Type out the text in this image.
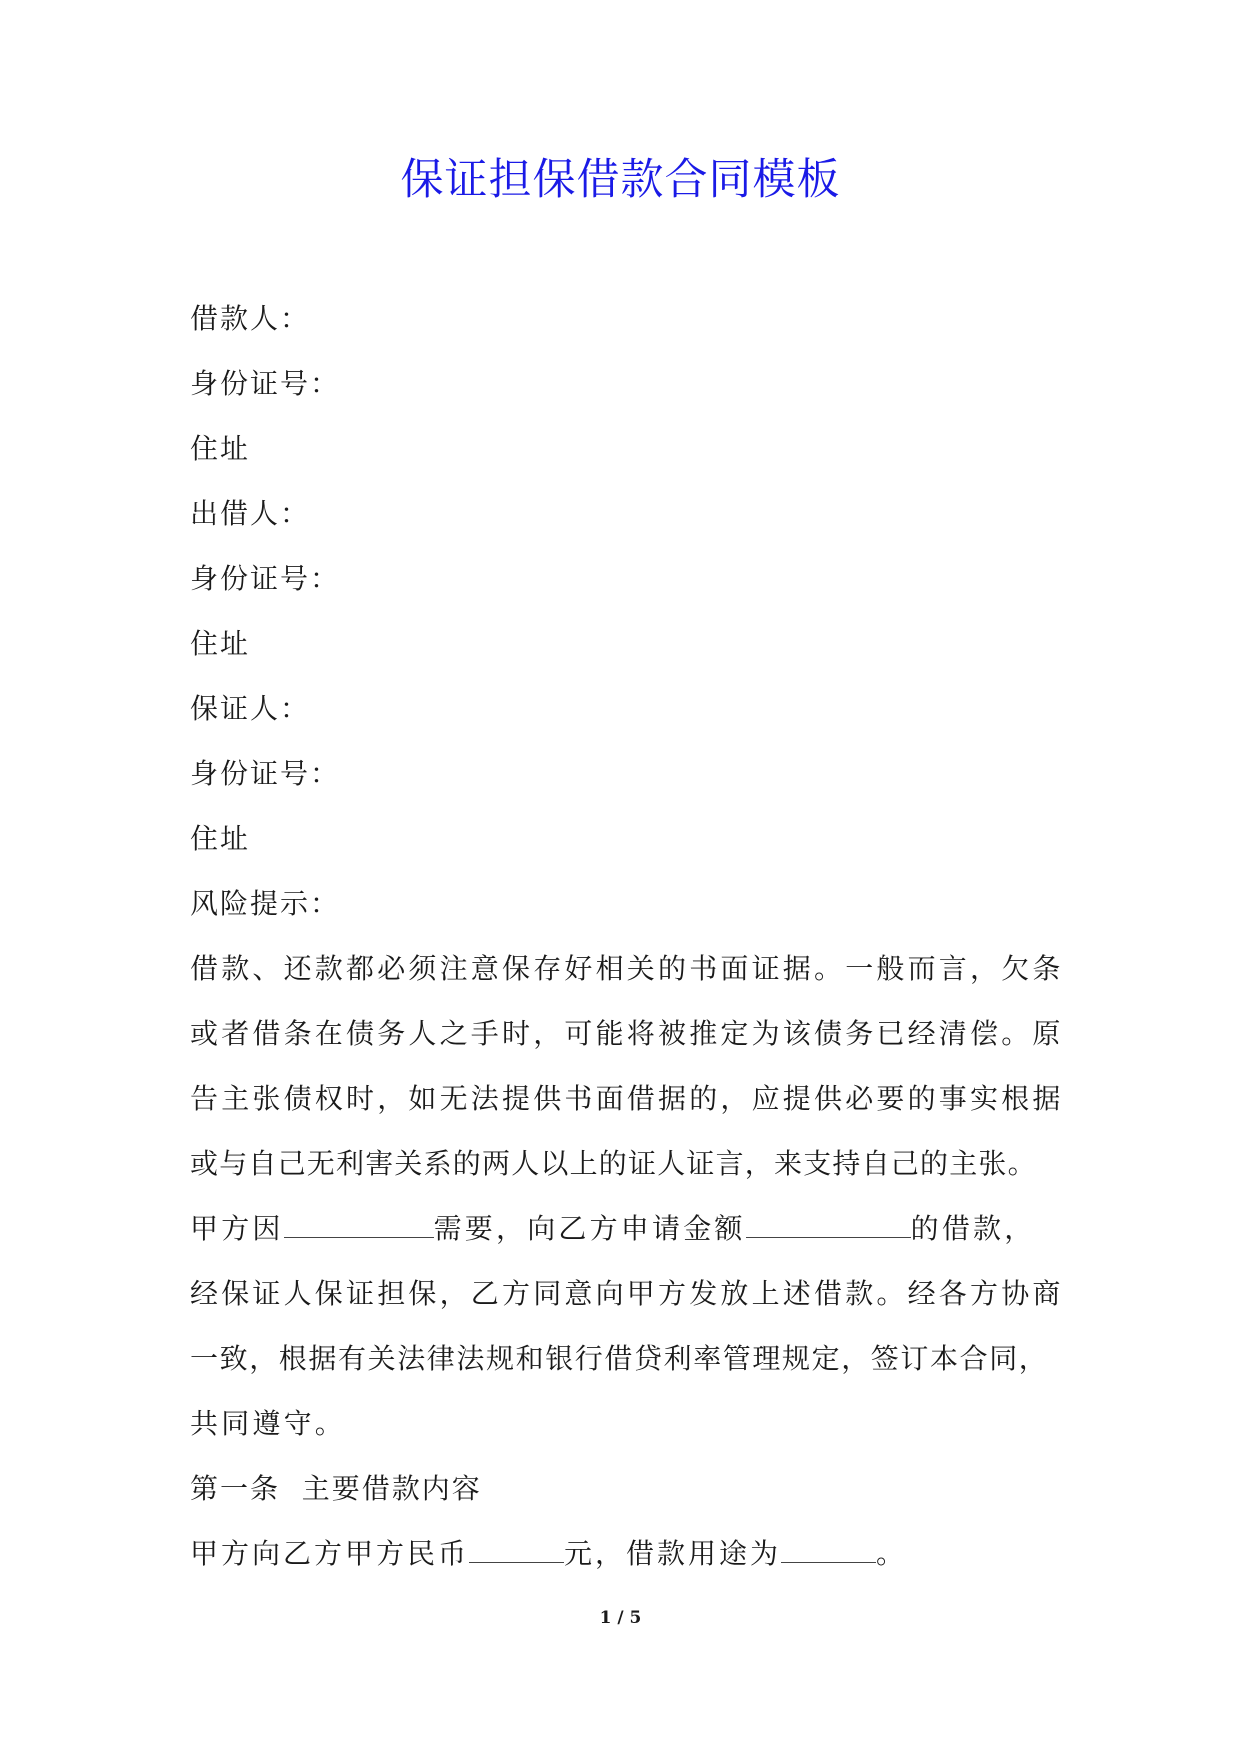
保证担保借款合同模板

借款人：

身份证号：

住址

出借人：

身份证号：

住址

保证人：

身份证号：

住址

风险提示：

借款、还款都必须注意保存好相关的书面证据。一般而言，欠条
或者借条在债务人之手时，可能将被推定为该债务已经清偿。原
告主张债权时，如无法提供书面借据的，应提供必要的事实根据
或与自己无利害关系的两人以上的证人证言，来支持自己的主张。
甲方因	需要，向乙方申请金额	的借款，
经保证人保证担保，乙方同意向甲方发放上述借款。经各方协商
一致，根据有关法律法规和银行借贷利率管理规定，签订本合同，
共同遵守。

第一条  主要借款内容

甲方向乙方甲方民币	元，借款用途为	。

1 / 5
